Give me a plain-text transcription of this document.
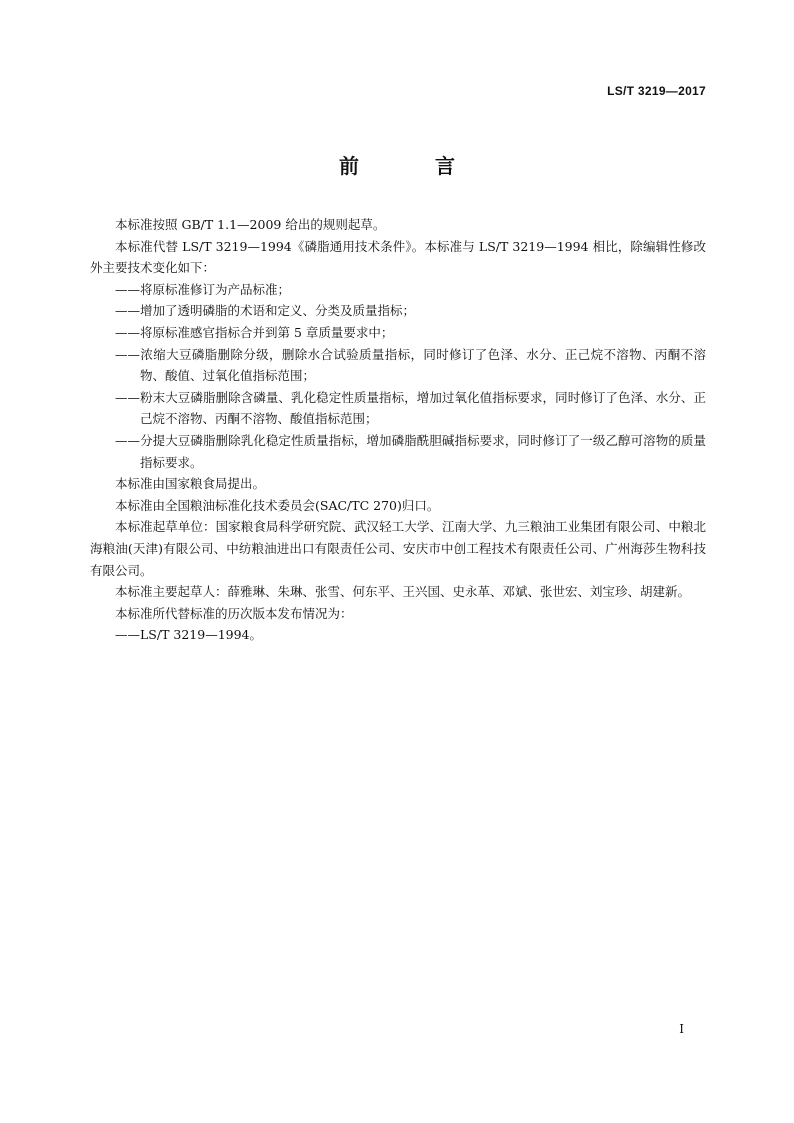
LS/T 3219—2017
前　言

本标准按照 GB/T 1.1—2009 给出的规则起草。

本标准代替 LS/T 3219—1994《磷脂通用技术条件》。本标准与 LS/T 3219—1994 相比，除编辑性修改外主要技术变化如下：

——将原标准修订为产品标准；

——增加了透明磷脂的术语和定义、分类及质量指标；

——将原标准感官指标合并到第 5 章质量要求中；

——浓缩大豆磷脂删除分级，删除水合试验质量指标，同时修订了色泽、水分、正己烷不溶物、丙酮不溶物、酸值、过氧化值指标范围；

——粉末大豆磷脂删除含磷量、乳化稳定性质量指标，增加过氧化值指标要求，同时修订了色泽、水分、正己烷不溶物、丙酮不溶物、酸值指标范围；

——分提大豆磷脂删除乳化稳定性质量指标，增加磷脂酰胆碱指标要求，同时修订了一级乙醇可溶物的质量指标要求。

本标准由国家粮食局提出。

本标准由全国粮油标准化技术委员会(SAC/TC 270)归口。

本标准起草单位：国家粮食局科学研究院、武汉轻工大学、江南大学、九三粮油工业集团有限公司、中粮北海粮油(天津)有限公司、中纺粮油进出口有限责任公司、安庆市中创工程技术有限责任公司、广州海莎生物科技有限公司。

本标准主要起草人：薛雅琳、朱琳、张雪、何东平、王兴国、史永革、邓斌、张世宏、刘宝珍、胡建新。

本标准所代替标准的历次版本发布情况为：

——LS/T 3219—1994。

I
